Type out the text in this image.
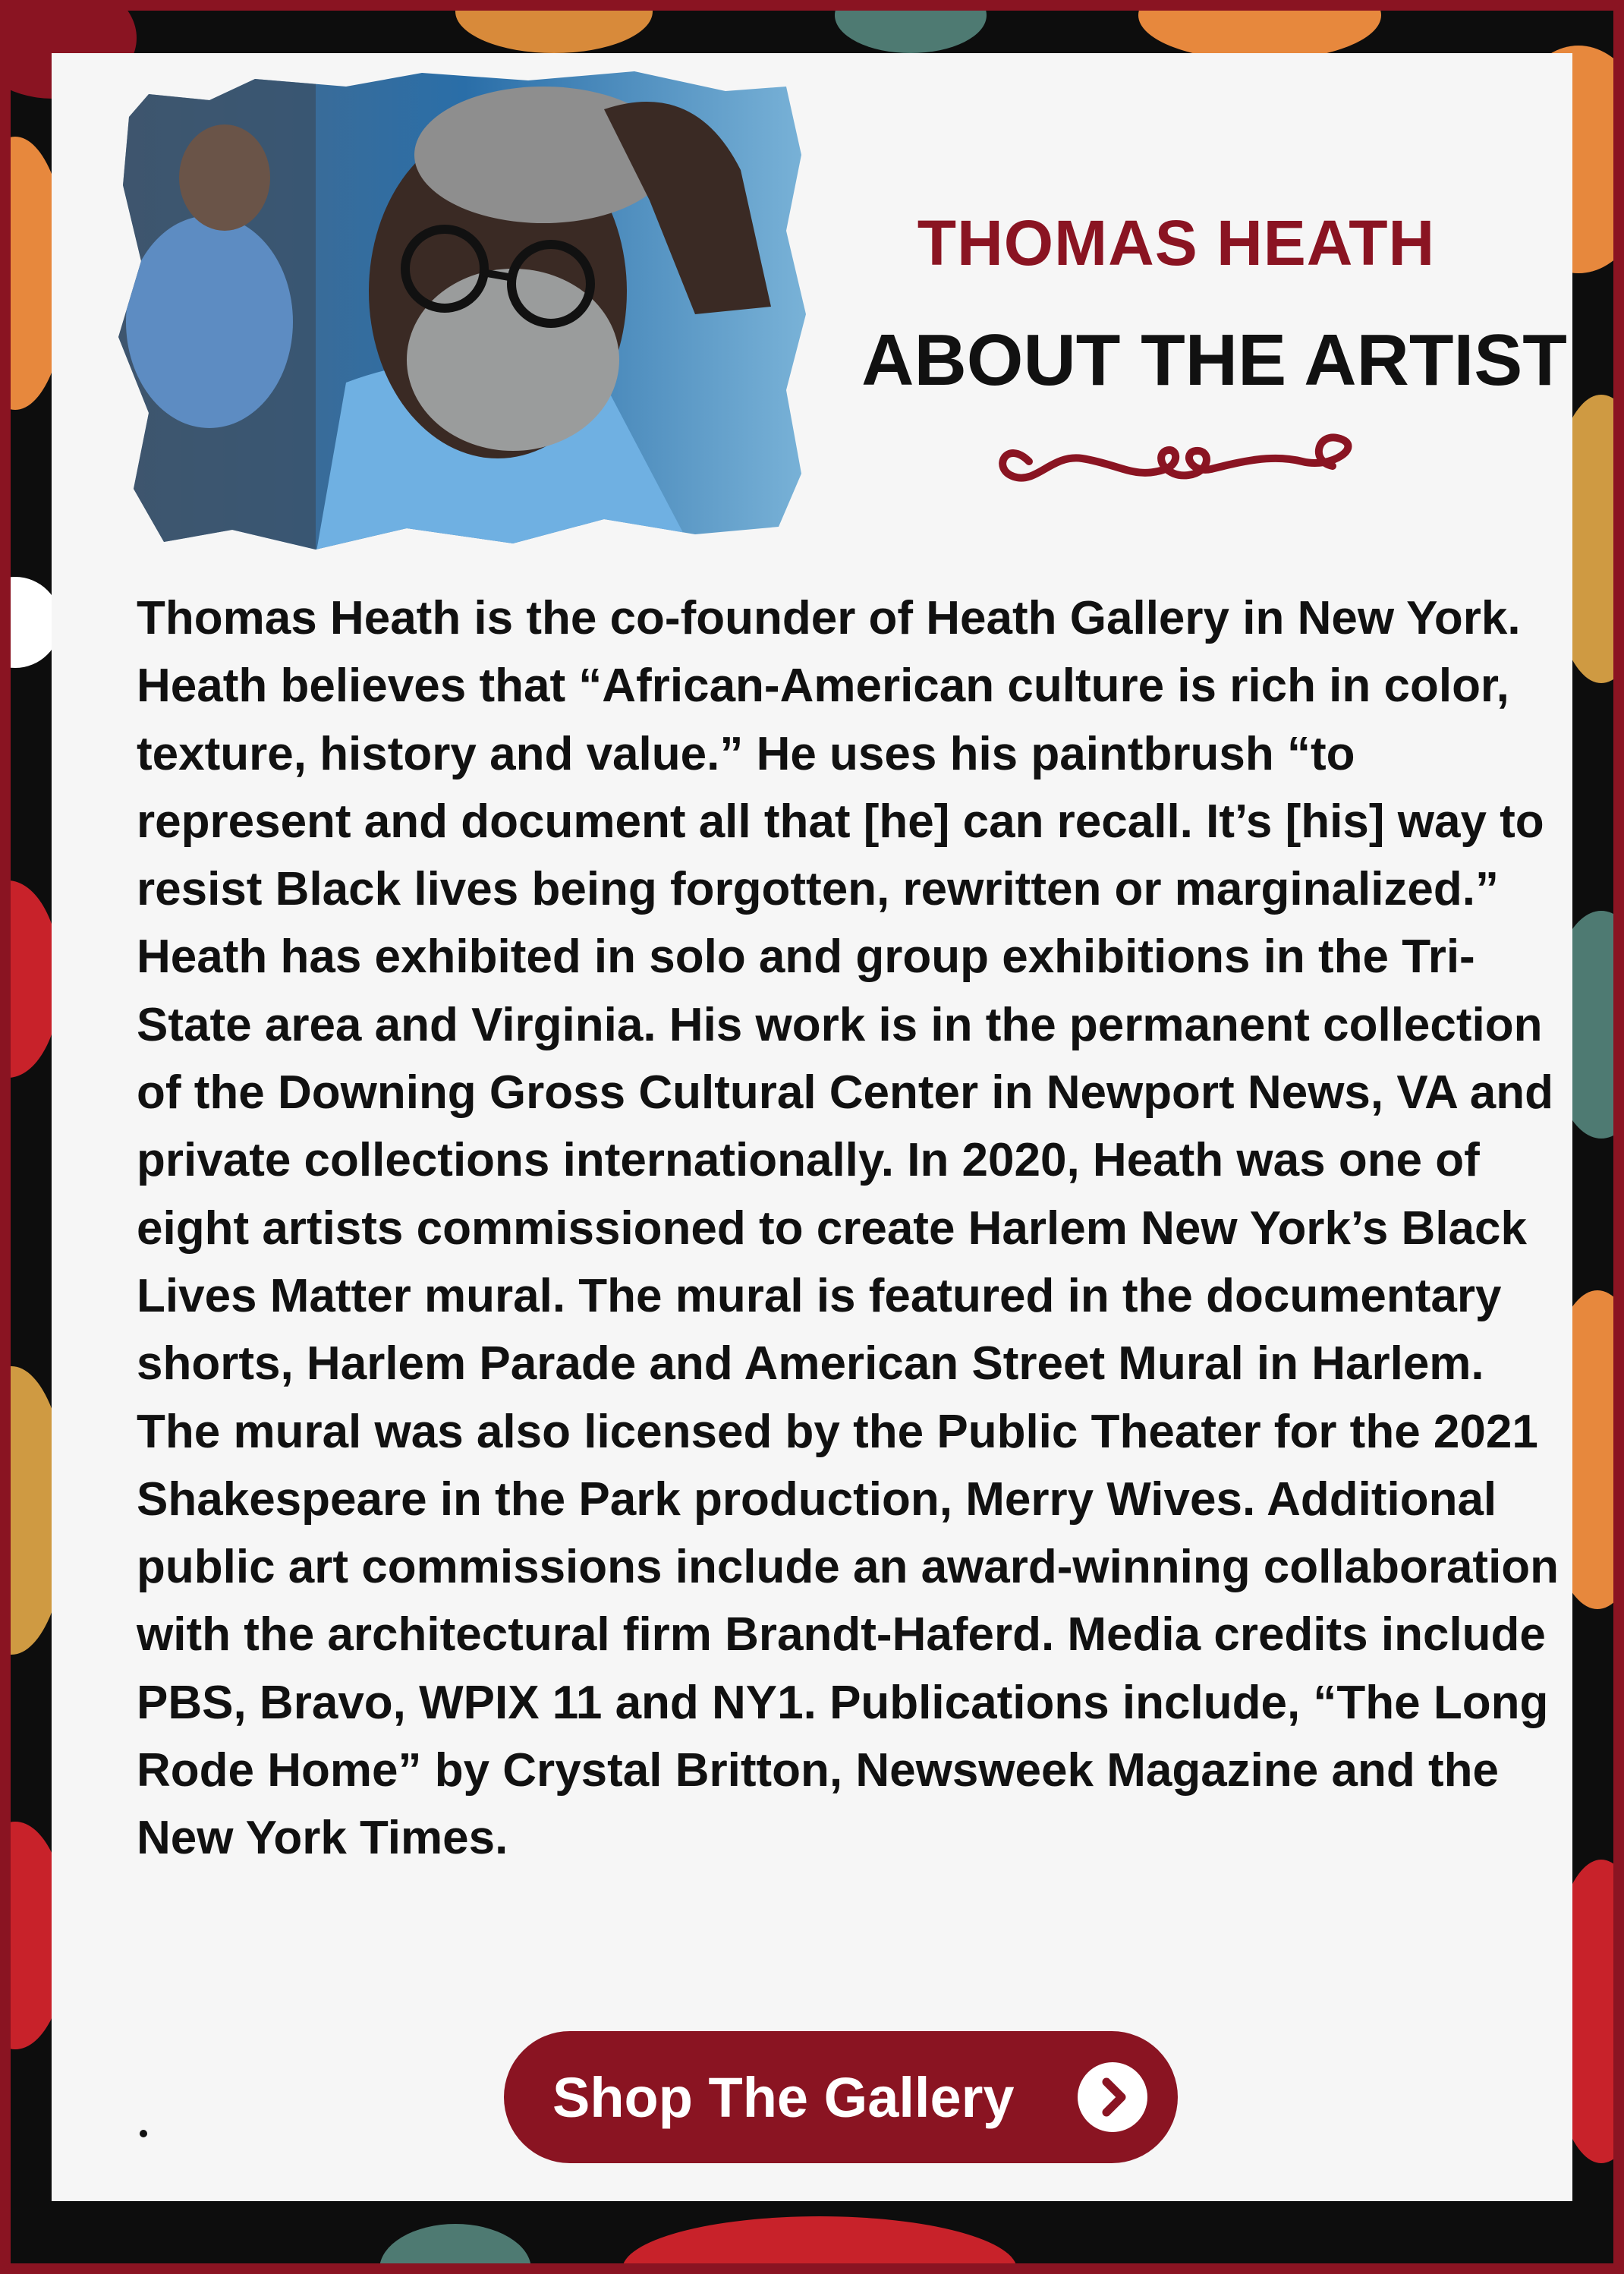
THOMAS HEATH
ABOUT THE ARTIST

Thomas Heath is the co-founder of Heath Gallery in New York. Heath believes that “African-American culture is rich in color, texture, history and value.” He uses his paintbrush “to represent and document all that [he] can recall. It’s [his] way to resist Black lives being forgotten, rewritten or marginalized.” Heath has exhibited in solo and group exhibitions in the Tri-State area and Virginia. His work is in the permanent collection of the Downing Gross Cultural Center in Newport News, VA and private collections internationally. In 2020, Heath was one of eight artists commissioned to create Harlem New York’s Black Lives Matter mural. The mural is featured in the documentary shorts, Harlem Parade and American Street Mural in Harlem. The mural was also licensed by the Public Theater for the 2021 Shakespeare in the Park production, Merry Wives. Additional public art commissions include an award-winning collaboration with the architectural firm Brandt-Haferd. Media credits include PBS, Bravo, WPIX 11 and NY1. Publications include, “The Long Rode Home” by Crystal Britton, Newsweek Magazine and the New York Times.

Shop The Gallery
